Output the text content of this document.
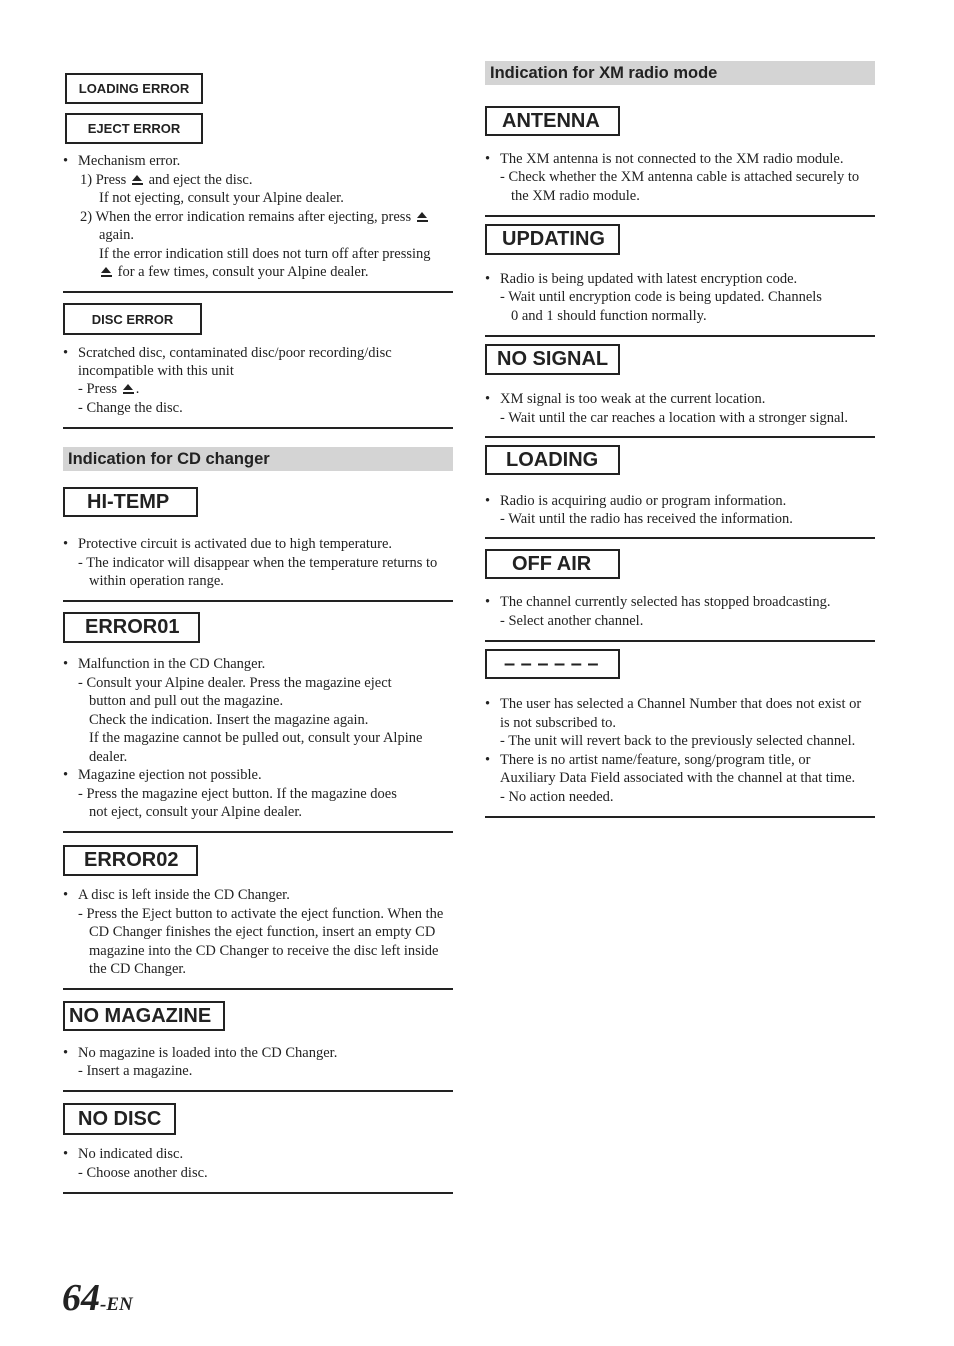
LOADING ERROR
EJECT ERROR
• Mechanism error.
1) Press and eject the disc.
If not ejecting, consult your Alpine dealer.
2) When the error indication remains after ejecting, press
again.
If the error indication still does not turn off after pressing
for a few times, consult your Alpine dealer.
DISC ERROR
• Scratched disc, contaminated disc/poor recording/disc
incompatible with this unit
- Press .
- Change the disc.
Indication for CD changer
HI-TEMP
• Protective circuit is activated due to high temperature.
- The indicator will disappear when the temperature returns to
within operation range.
ERROR01
• Malfunction in the CD Changer.
- Consult your Alpine dealer. Press the magazine eject
button and pull out the magazine.
Check the indication. Insert the magazine again.
If the magazine cannot be pulled out, consult your Alpine
dealer.
• Magazine ejection not possible.
- Press the magazine eject button. If the magazine does
not eject, consult your Alpine dealer.
ERROR02
• A disc is left inside the CD Changer.
- Press the Eject button to activate the eject function. When the
CD Changer finishes the eject function, insert an empty CD
magazine into the CD Changer to receive the disc left inside
the CD Changer.
NO MAGAZINE
• No magazine is loaded into the CD Changer.
- Insert a magazine.
NO DISC
• No indicated disc.
- Choose another disc.
Indication for XM radio mode
ANTENNA
• The XM antenna is not connected to the XM radio module.
- Check whether the XM antenna cable is attached securely to
the XM radio module.
UPDATING
• Radio is being updated with latest encryption code.
- Wait until encryption code is being updated. Channels
0 and 1 should function normally.
NO SIGNAL
• XM signal is too weak at the current location.
- Wait until the car reaches a location with a stronger signal.
LOADING
• Radio is acquiring audio or program information.
- Wait until the radio has received the information.
OFF AIR
• The channel currently selected has stopped broadcasting.
- Select another channel.
– – – – – –
• The user has selected a Channel Number that does not exist or
is not subscribed to.
- The unit will revert back to the previously selected channel.
• There is no artist name/feature, song/program title, or
Auxiliary Data Field associated with the channel at that time.
- No action needed.
64-EN
